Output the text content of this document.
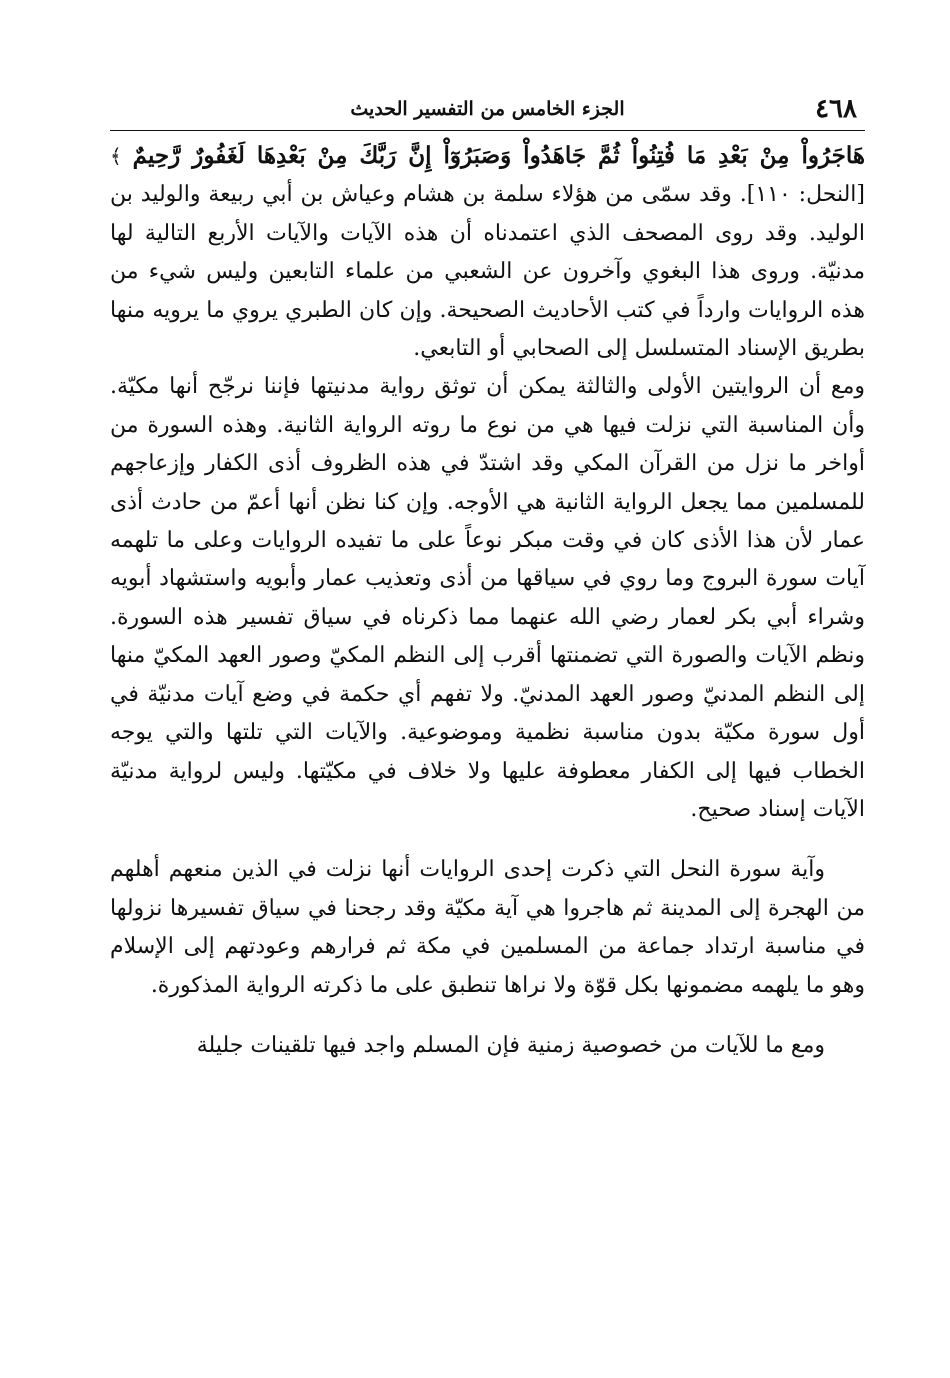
٤٦٨
الجزء الخامس من التفسير الحديث

هَاجَرُواْ مِنْ بَعْدِ مَا فُتِنُواْ ثُمَّ جَاهَدُواْ وَصَبَرُوٓاْ إِنَّ رَبَّكَ مِنْ بَعْدِهَا لَغَفُورٌ رَّحِيمٌ ﴾ [النحل: ١١٠]. وقد سمّى من هؤلاء سلمة بن هشام وعياش بن أبي ربيعة والوليد بن الوليد. وقد روى المصحف الذي اعتمدناه أن هذه الآيات والآيات الأربع التالية لها مدنيّة. وروى هذا البغوي وآخرون عن الشعبي من علماء التابعين وليس شيء من هذه الروايات وارداً في كتب الأحاديث الصحيحة. وإن كان الطبري يروي ما يرويه منها بطريق الإسناد المتسلسل إلى الصحابي أو التابعي.

ومع أن الروايتين الأولى والثالثة يمكن أن توثق رواية مدنيتها فإننا نرجّح أنها مكيّة. وأن المناسبة التي نزلت فيها هي من نوع ما روته الرواية الثانية. وهذه السورة من أواخر ما نزل من القرآن المكي وقد اشتدّ في هذه الظروف أذى الكفار وإزعاجهم للمسلمين مما يجعل الرواية الثانية هي الأوجه. وإن كنا نظن أنها أعمّ من حادث أذى عمار لأن هذا الأذى كان في وقت مبكر نوعاً على ما تفيده الروايات وعلى ما تلهمه آيات سورة البروج وما روي في سياقها من أذى وتعذيب عمار وأبويه واستشهاد أبويه وشراء أبي بكر لعمار رضي الله عنهما مما ذكرناه في سياق تفسير هذه السورة. ونظم الآيات والصورة التي تضمنتها أقرب إلى النظم المكيّ وصور العهد المكيّ منها إلى النظم المدنيّ وصور العهد المدنيّ. ولا تفهم أي حكمة في وضع آيات مدنيّة في أول سورة مكيّة بدون مناسبة نظمية وموضوعية. والآيات التي تلتها والتي يوجه الخطاب فيها إلى الكفار معطوفة عليها ولا خلاف في مكيّتها. وليس لرواية مدنيّة الآيات إسناد صحيح.

وآية سورة النحل التي ذكرت إحدى الروايات أنها نزلت في الذين منعهم أهلهم من الهجرة إلى المدينة ثم هاجروا هي آية مكيّة وقد رجحنا في سياق تفسيرها نزولها في مناسبة ارتداد جماعة من المسلمين في مكة ثم فرارهم وعودتهم إلى الإسلام وهو ما يلهمه مضمونها بكل قوّة ولا نراها تنطبق على ما ذكرته الرواية المذكورة.

ومع ما للآيات من خصوصية زمنية فإن المسلم واجد فيها تلقينات جليلة
